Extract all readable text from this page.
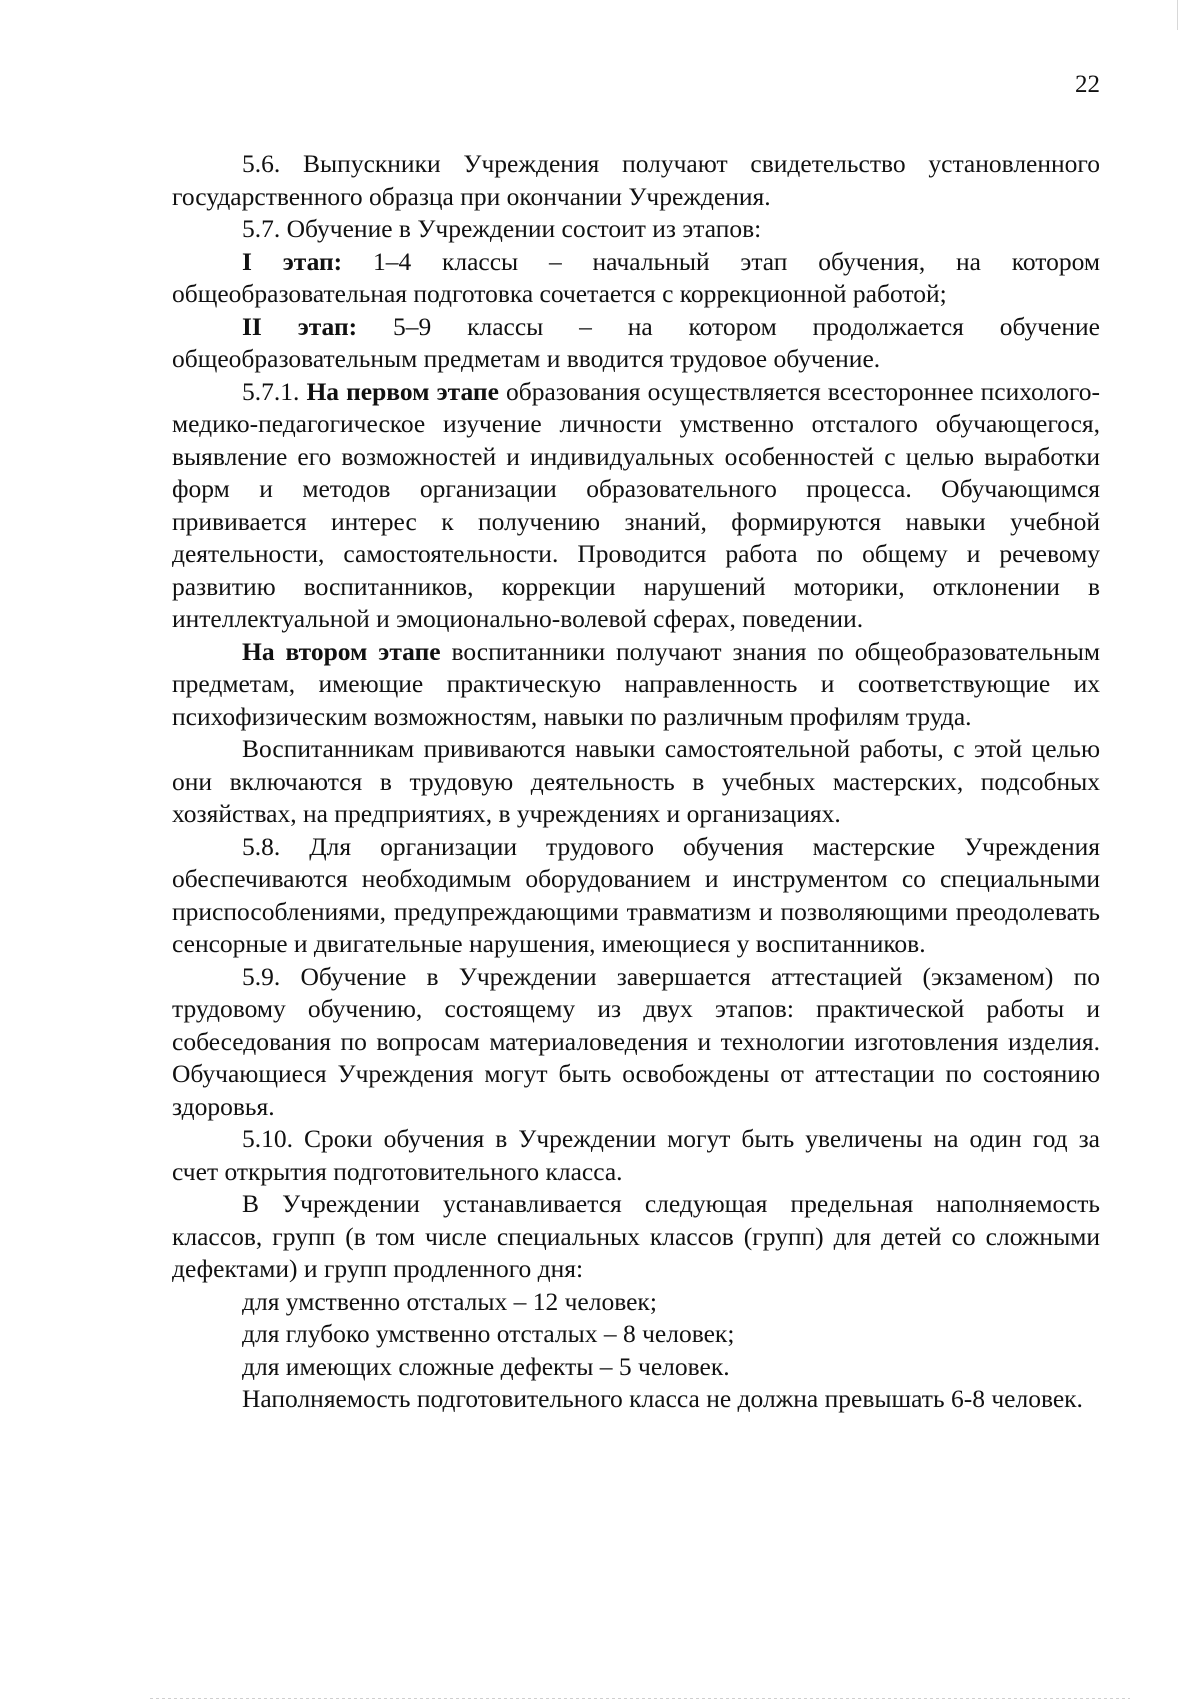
22

5.6. Выпускники Учреждения получают свидетельство установленного государственного образца при окончании Учреждения.

5.7. Обучение в Учреждении состоит из этапов:

I этап: 1–4 классы – начальный этап обучения, на котором общеобразовательная подготовка сочетается с коррекционной работой;

II этап: 5–9 классы – на котором продолжается обучение общеобразовательным предметам и вводится трудовое обучение.

5.7.1. На первом этапе образования осуществляется всестороннее психолого-медико-педагогическое изучение личности умственно отсталого обучающегося, выявление его возможностей и индивидуальных особенностей с целью выработки форм и методов организации образовательного процесса. Обучающимся прививается интерес к получению знаний, формируются навыки учебной деятельности, самостоятельности. Проводится работа по общему и речевому развитию воспитанников, коррекции нарушений моторики, отклонении в интеллектуальной и эмоционально-волевой сферах, поведении.

На втором этапе воспитанники получают знания по общеобразовательным предметам, имеющие практическую направленность и соответствующие их психофизическим возможностям, навыки по различным профилям труда.

Воспитанникам прививаются навыки самостоятельной работы, с этой целью они включаются в трудовую деятельность в учебных мастерских, подсобных хозяйствах, на предприятиях, в учреждениях и организациях.

5.8. Для организации трудового обучения мастерские Учреждения обеспечиваются необходимым оборудованием и инструментом со специальными приспособлениями, предупреждающими травматизм и позволяющими преодолевать сенсорные и двигательные нарушения, имеющиеся у воспитанников.

5.9. Обучение в Учреждении завершается аттестацией (экзаменом) по трудовому обучению, состоящему из двух этапов: практической работы и собеседования по вопросам материаловедения и технологии изготовления изделия. Обучающиеся Учреждения могут быть освобождены от аттестации по состоянию здоровья.

5.10. Сроки обучения в Учреждении могут быть увеличены на один год за счет открытия подготовительного класса.

В Учреждении устанавливается следующая предельная наполняемость классов, групп (в том числе специальных классов (групп) для детей со сложными дефектами) и групп продленного дня:

для умственно отсталых – 12 человек;

для глубоко умственно отсталых – 8 человек;

для имеющих сложные дефекты – 5 человек.

Наполняемость подготовительного класса не должна превышать 6-8 человек.
